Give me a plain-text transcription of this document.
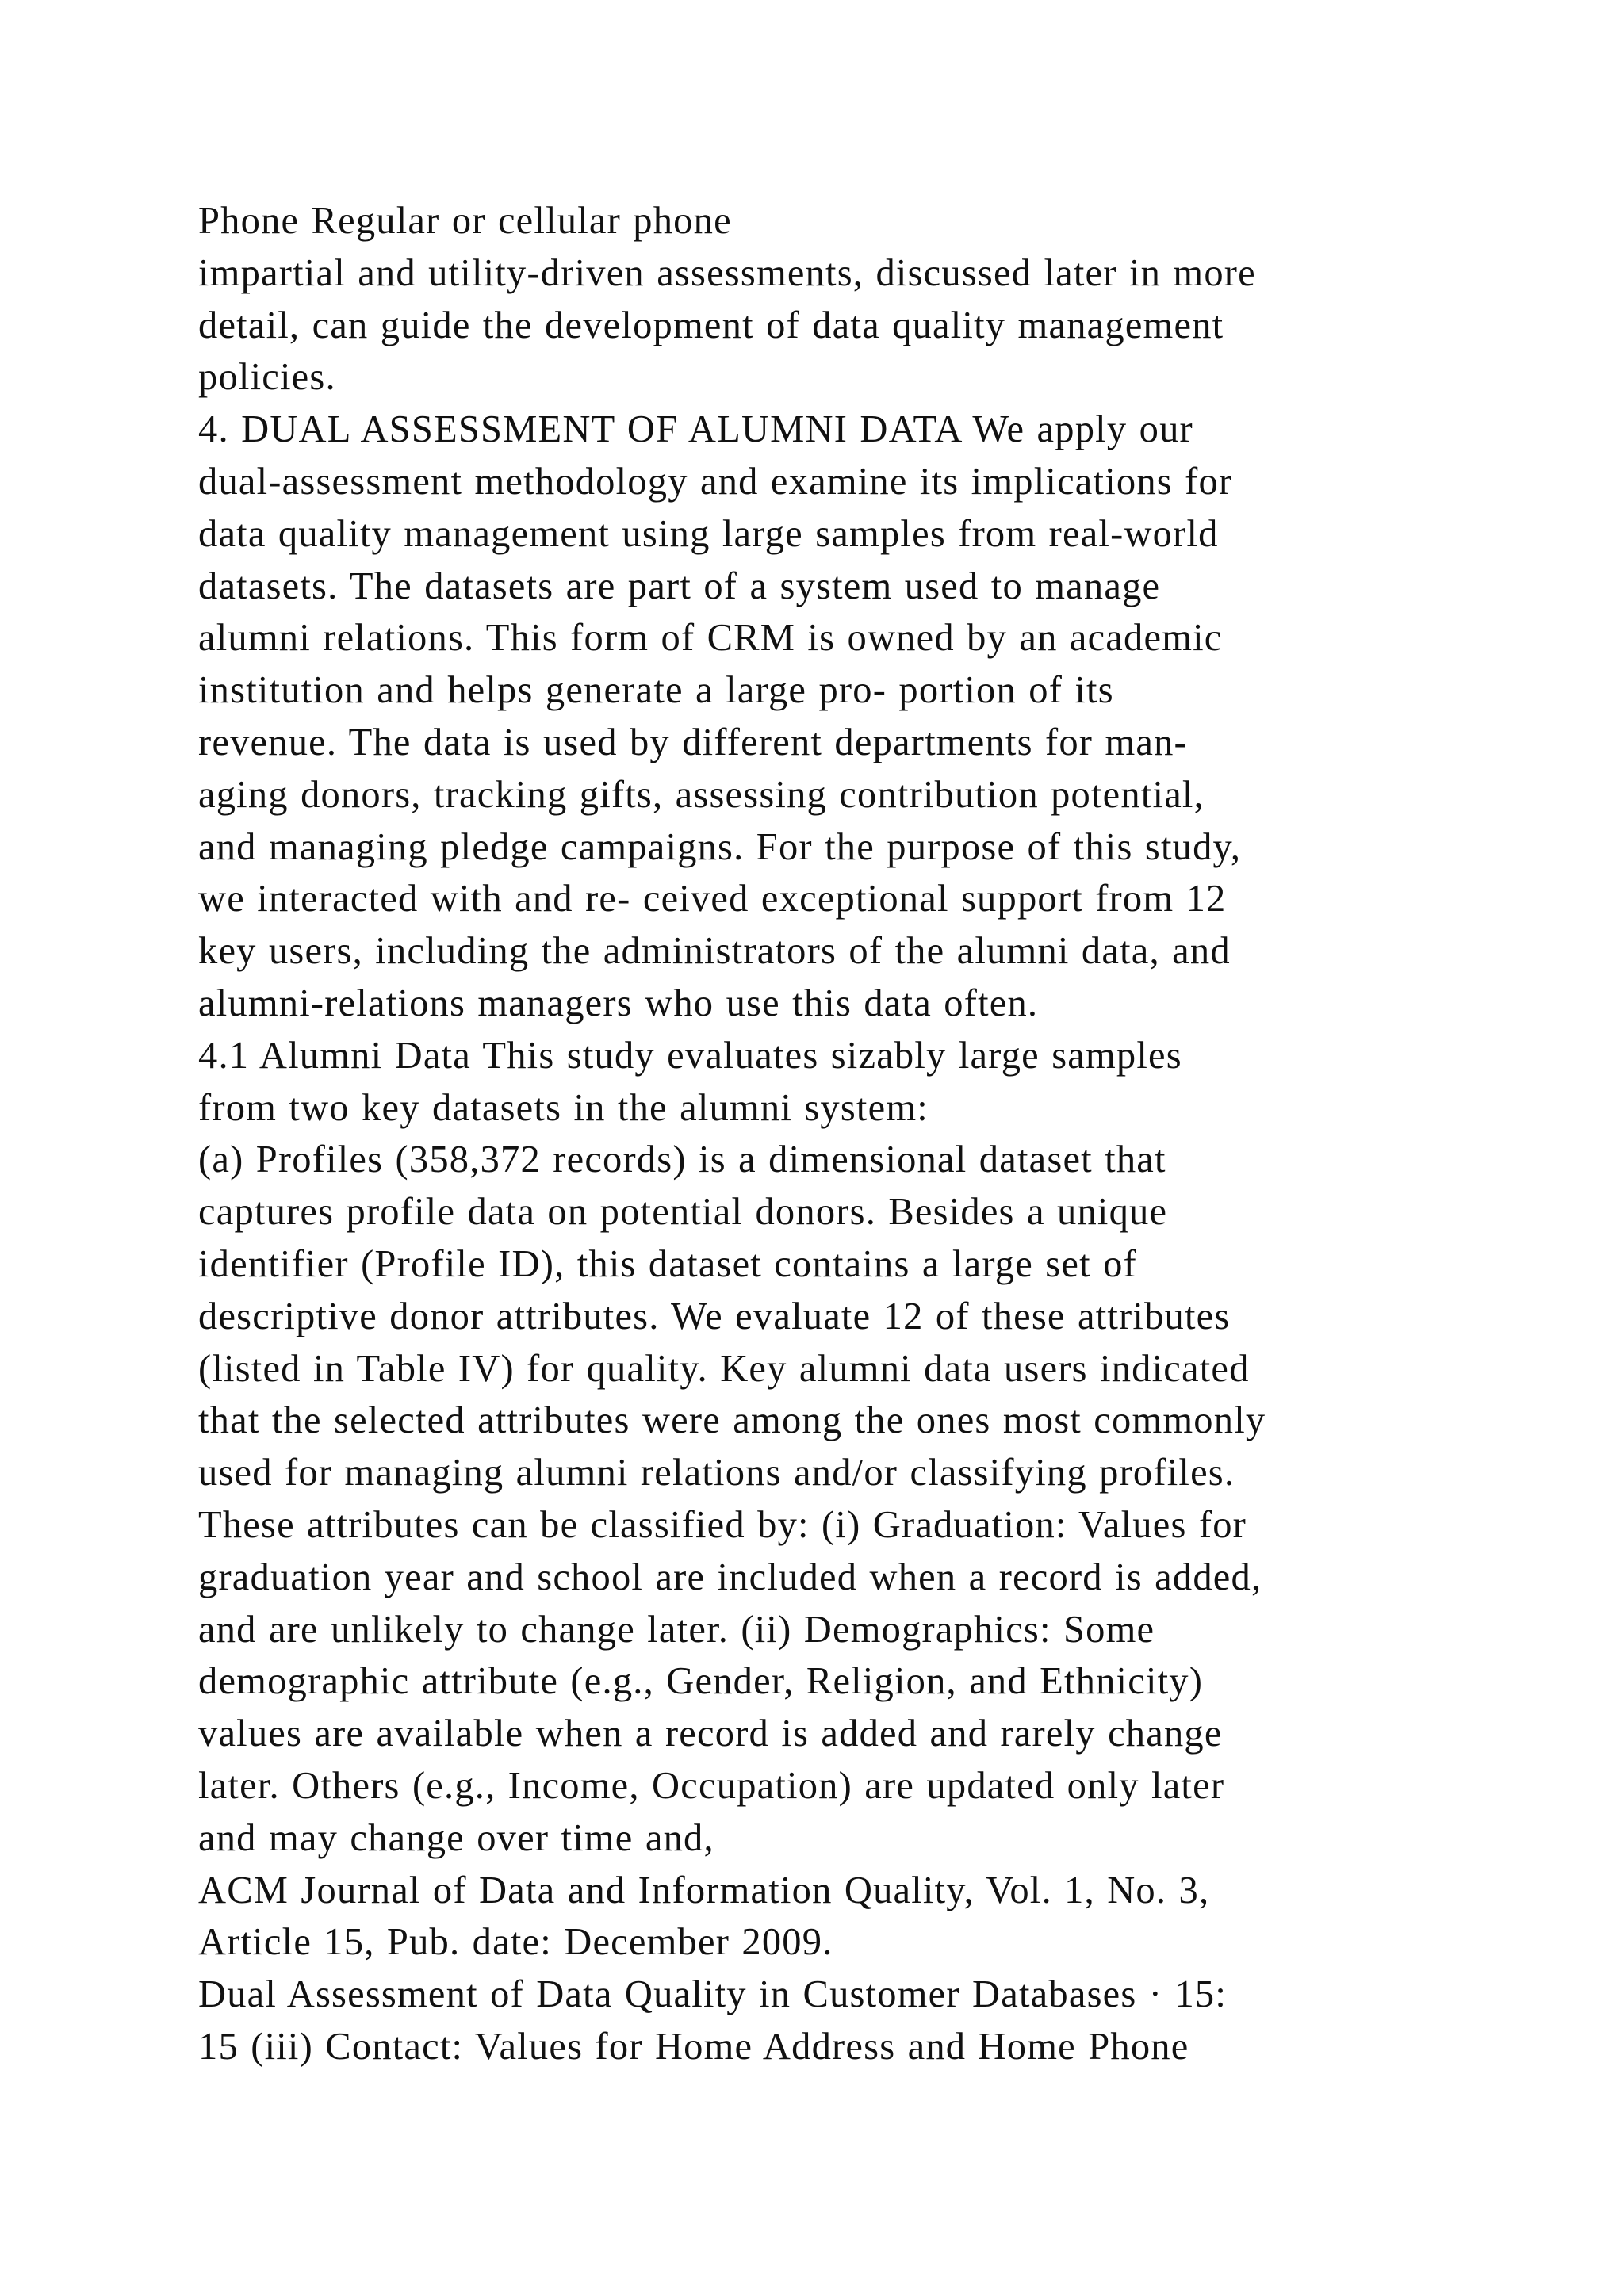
Phone Regular or cellular phone
impartial and utility-driven assessments, discussed later in more
detail, can guide the development of data quality management
policies.
4. DUAL ASSESSMENT OF ALUMNI DATA We apply our
dual-assessment methodology and examine its implications for
data quality management using large samples from real-world
datasets. The datasets are part of a system used to manage
alumni relations. This form of CRM is owned by an academic
institution and helps generate a large pro- portion of its
revenue. The data is used by different departments for man-
aging donors, tracking gifts, assessing contribution potential,
and managing pledge campaigns. For the purpose of this study,
we interacted with and re- ceived exceptional support from 12
key users, including the administrators of the alumni data, and
alumni-relations managers who use this data often.
4.1 Alumni Data This study evaluates sizably large samples
from two key datasets in the alumni system:
(a) Profiles (358,372 records) is a dimensional dataset that
captures profile data on potential donors. Besides a unique
identifier (Profile ID), this dataset contains a large set of
descriptive donor attributes. We evaluate 12 of these attributes
(listed in Table IV) for quality. Key alumni data users indicated
that the selected attributes were among the ones most commonly
used for managing alumni relations and/or classifying profiles.
These attributes can be classified by: (i) Graduation: Values for
graduation year and school are included when a record is added,
and are unlikely to change later. (ii) Demographics: Some
demographic attribute (e.g., Gender, Religion, and Ethnicity)
values are available when a record is added and rarely change
later. Others (e.g., Income, Occupation) are updated only later
and may change over time and,
ACM Journal of Data and Information Quality, Vol. 1, No. 3,
Article 15, Pub. date: December 2009.
Dual Assessment of Data Quality in Customer Databases · 15:
15 (iii) Contact: Values for Home Address and Home Phone
